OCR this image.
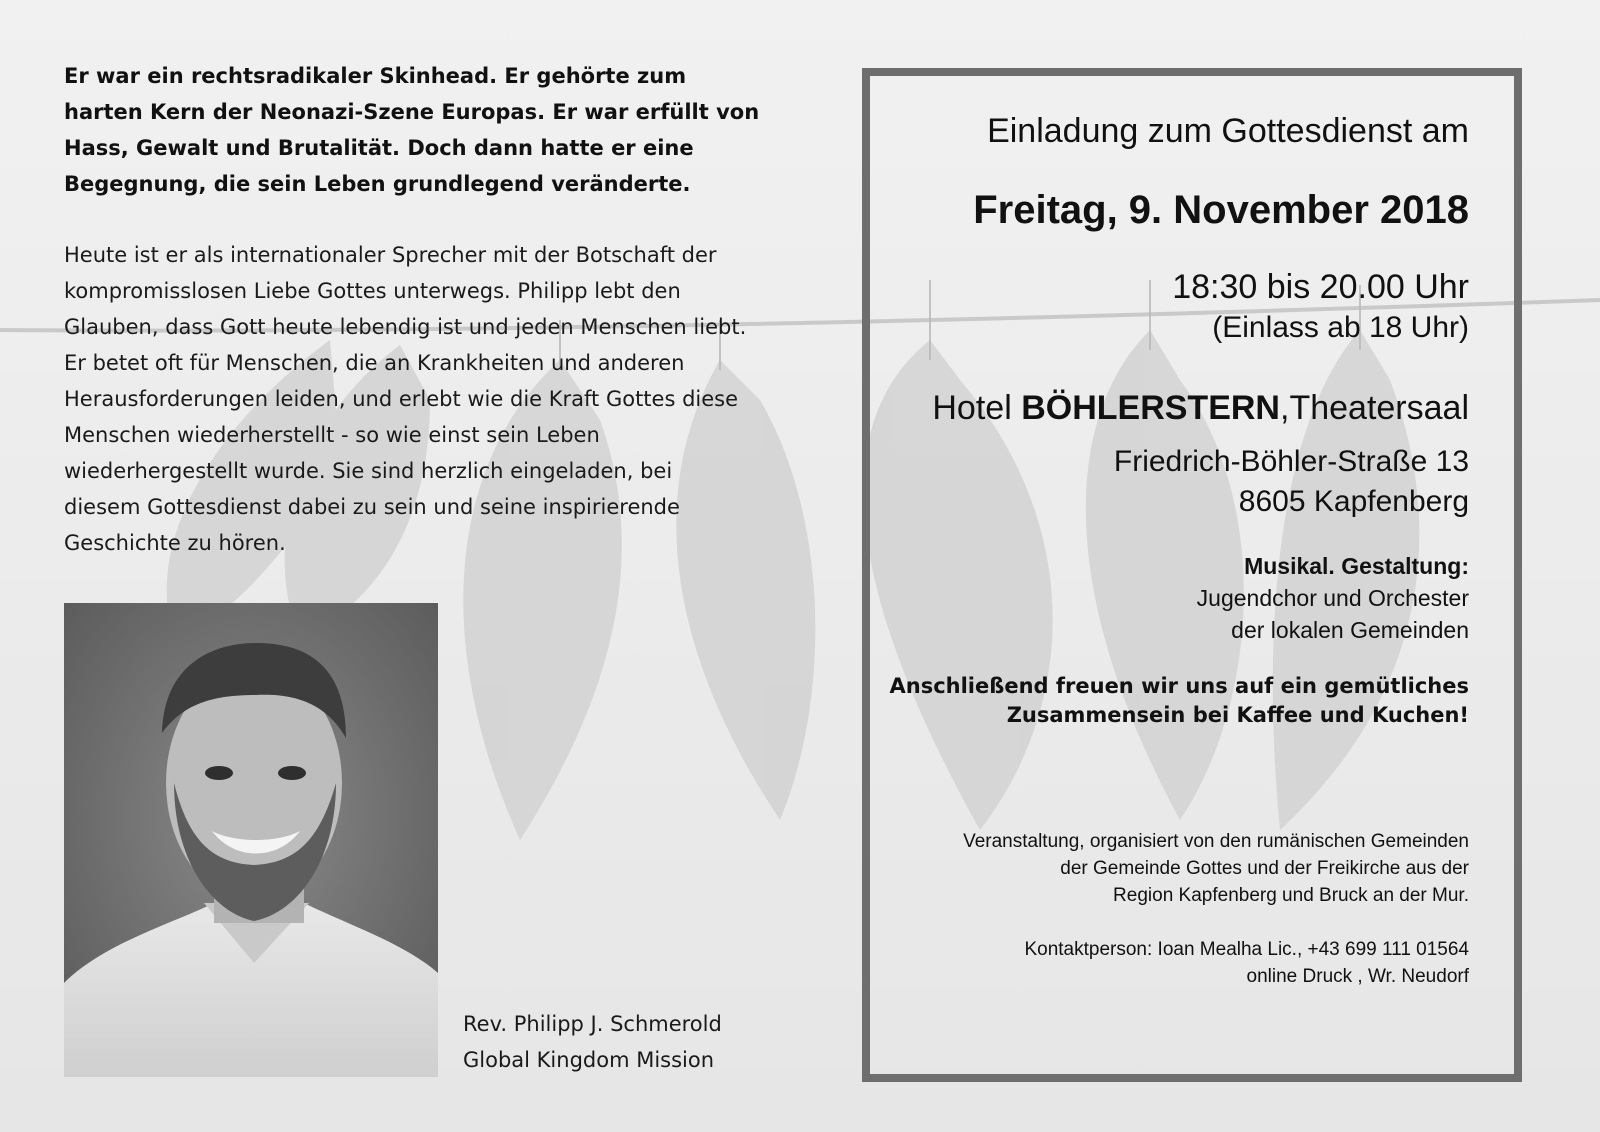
Er war ein rechtsradikaler Skinhead. Er gehörte zum
harten Kern der Neonazi-Szene Europas. Er war erfüllt von
Hass, Gewalt und Brutalität. Doch dann hatte er eine
Begegnung, die sein Leben grundlegend veränderte.

Heute ist er als internationaler Sprecher mit der Botschaft der
kompromisslosen Liebe Gottes unterwegs. Philipp lebt den
Glauben, dass Gott heute lebendig ist und jeden Menschen liebt.
Er betet oft für Menschen, die an Krankheiten und anderen
Herausforderungen leiden, und erlebt wie die Kraft Gottes diese
Menschen wiederherstellt - so wie einst sein Leben
wiederhergestellt wurde. Sie sind herzlich eingeladen, bei
diesem Gottesdienst dabei zu sein und seine inspirierende
Geschichte zu hören.

Rev. Philipp J. Schmerold
Global Kingdom Mission
Einladung zum Gottesdienst am
Freitag, 9. November 2018
18:30 bis 20.00 Uhr
(Einlass ab 18 Uhr)
Hotel BÖHLERSTERN,Theatersaal
Friedrich-Böhler-Straße 13
8605 Kapfenberg
Musikal. Gestaltung:
Jugendchor und Orchester
der lokalen Gemeinden
Anschließend freuen wir uns auf ein gemütliches
Zusammensein bei Kaffee und Kuchen!
Veranstaltung, organisiert von den rumänischen Gemeinden
der Gemeinde Gottes und der Freikirche aus der
Region Kapfenberg und Bruck an der Mur.
Kontaktperson: Ioan Mealha Lic., +43 699 111 01564
online Druck , Wr. Neudorf
